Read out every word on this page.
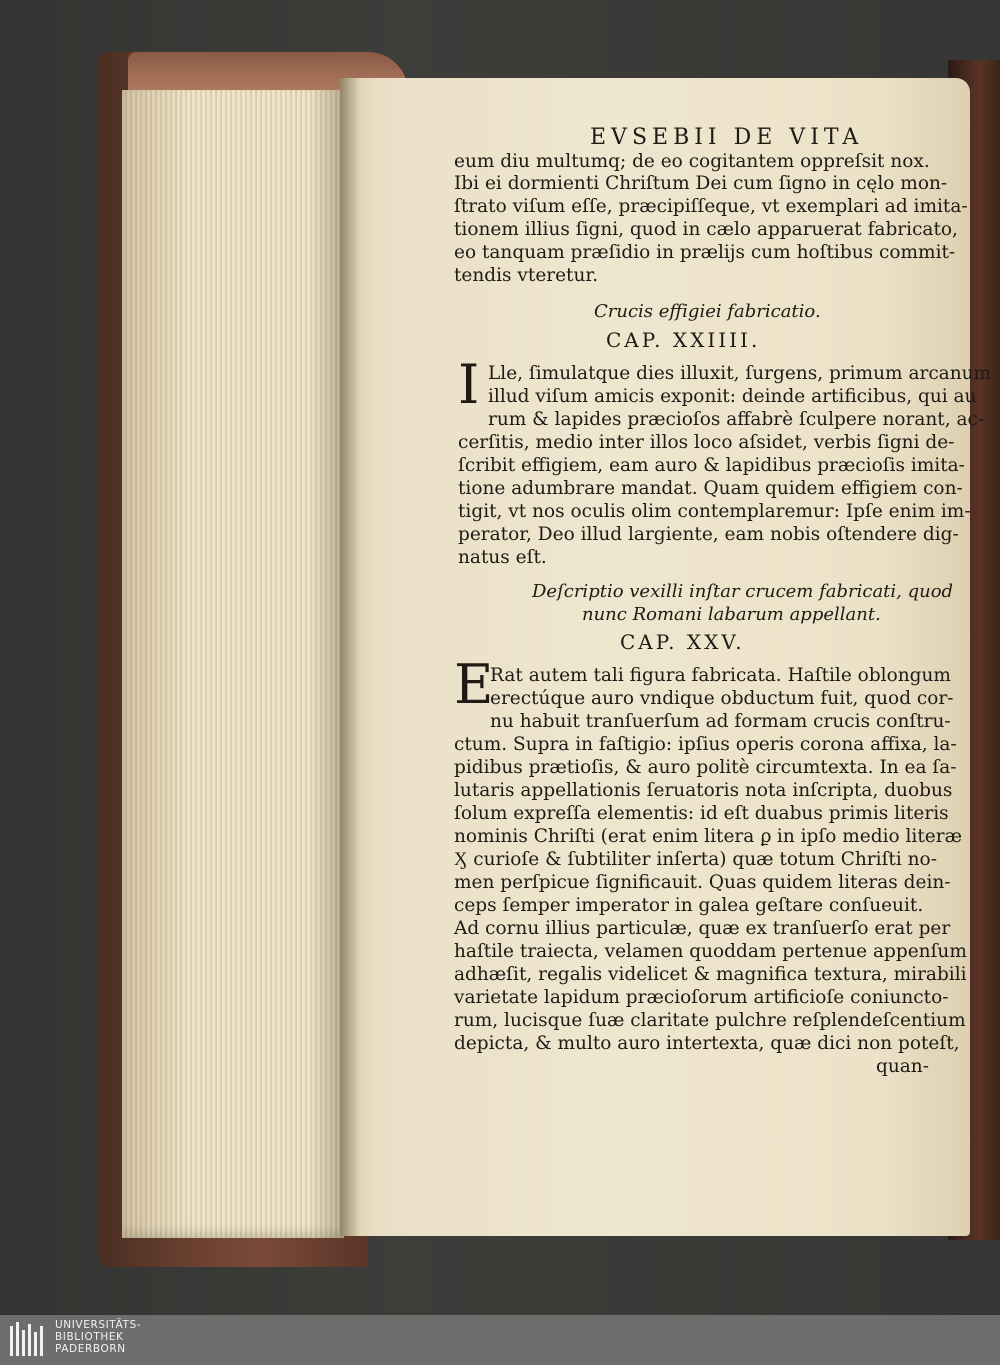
EVSEBII DE VITA
eum diu multumq; de eo cogitantem oppreſsit nox.
Ibi ei dormienti Chriſtum Dei cum ſigno in cęlo mon-
ſtrato viſum eſſe, præcipiſſeque, vt exemplari ad imita-
tionem illius ſigni, quod in cælo apparuerat fabricato,
eo tanquam præſidio in prælijs cum hoſtibus commit-
tendis vteretur.
Crucis effigiei fabricatio.
CAP. XXIIII.
I Lle, ſimulatque dies illuxit, ſurgens, primum arcanum
illud viſum amicis exponit: deinde artificibus, qui au
rum & lapides præcioſos affabrè ſculpere norant, ac-
cerſitis, medio inter illos loco aſsidet, verbis ſigni de-
ſcribit effigiem, eam auro & lapidibus præcioſis imita-
tione adumbrare mandat. Quam quidem effigiem con-
tigit, vt nos oculis olim contemplaremur: Ipſe enim im-
perator, Deo illud largiente, eam nobis oſtendere dig-
natus eſt.
Deſcriptio vexilli inſtar crucem fabricati, quod
nunc Romani labarum appellant.
CAP. XXV.
E
Rat autem tali figura fabricata. Haſtile oblongum
erectúque auro vndique obductum fuit, quod cor-
nu habuit tranſuerſum ad formam crucis conſtru-
ctum. Supra in faſtigio: ipſius operis corona affixa, la-
pidibus prætioſis, & auro politè circumtexta. In ea ſa-
lutaris appellationis ſeruatoris nota inſcripta, duobus
ſolum expreſſa elementis: id eſt duabus primis literis
nominis Chriſti (erat enim litera ϼ in ipſo medio literæ
Ӽ curioſe & ſubtiliter inſerta) quæ totum Chriſti no-
men perſpicue ſignificauit. Quas quidem literas dein-
ceps ſemper imperator in galea geſtare conſueuit.
Ad cornu illius particulæ, quæ ex tranſuerſo erat per
haſtile traiecta, velamen quoddam pertenue appenſum
adhæſit, regalis videlicet & magnifica textura, mirabili
varietate lapidum præcioſorum artificioſe coniuncto-
rum, lucisque ſuæ claritate pulchre reſplendeſcentium
depicta, & multo auro intertexta, quæ dici non poteſt,
quan-
UNIVERSITÄTS-
BIBLIOTHEK
PADERBORN
